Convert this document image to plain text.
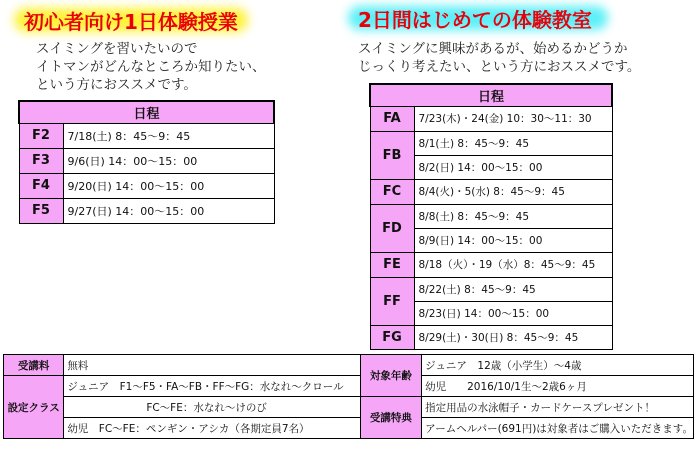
初心者向け1日体験授業
スイミングを習いたいので
イトマンがどんなところか知りたい、
という方におススメです。
日程	
F2	7/18(土) 8：45～9：45
F3	9/6(日) 14：00～15：00
F4	9/20(日) 14：00～15：00
F5	9/27(日) 14：00～15：00
2日間はじめての体験教室
スイミングに興味があるが、始めるかどうか
じっくり考えたい、という方におススメです。
日程	
FA	7/23(木)・24(金) 10：30～11：30
FB	8/1(土) 8：45～9：45
	8/2(日) 14：00～15：00
FC	8/4(火)・5(水) 8：45～9：45
FD	8/8(土) 8：45～9：45
	8/9(日) 14：00～15：00
FE	8/18（火）・19（水）8：45～9：45
FF	8/22(土) 8：45～9：45
	8/23(日) 14：00～15：00
FG	8/29(土)・30(日) 8：45～9：45
受講料	無料	対象年齢	ジュニア　12歳（小学生）～4歳
設定クラス	ジュニア　F1～F5・FA～FB・FF～FG：水なれ～クロール		幼児　　2016/10/1生～2歳6ヶ月
	FC～FE：水なれ～けのび	受講特典	指定用品の水泳帽子・カードケースプレゼント！
	幼児　FC～FE：ペンギン・アシカ（各期定員7名）		アームヘルパー(691円)は対象者はご購入いただきます。
